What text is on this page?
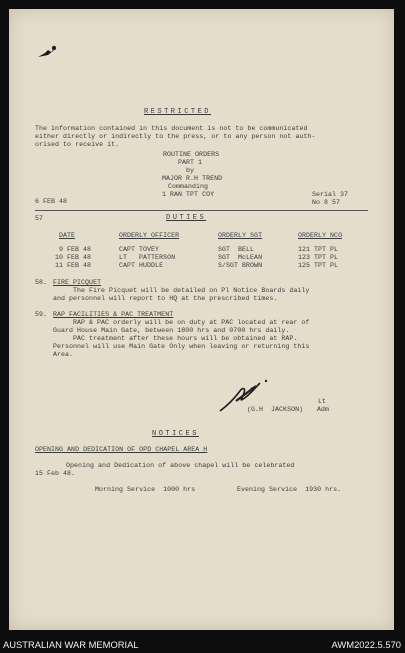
RESTRICTED
The information contained in this document is not to be communicated
either directly or indirectly to the press, or to any person not auth-
orised to receive it.
ROUTINE ORDERS
PART 1
by
MAJOR R.H TREND
Commanding
1 RAN TPT COY
6 FEB 48
Serial 37
No 8 57
57	DUTIES
DATE	ORDERLY OFFICER	ORDERLY SGT	ORDERLY NCO
9 FEB 48	CAPT TOVEY	SGT  BELL	121 TPT PL
10 FEB 48	LT   PATTERSON	SGT  McLEAN	123 TPT PL
11 FEB 48	CAPT HUDDLE	S/SGT BROWN	125 TPT PL
58. FIRE PICQUET
The Fire Picquet will be detailed on Pl Notice Boards daily
and personnel will report to HQ at the prescribed times.
59. RAP FACILITIES & PAC TREATMENT
RAP & PAC orderly will be on duty at PAC located at rear of
Guard House Main Gate, between 1800 hrs and 0700 hrs daily.
PAC treatment after these hours will be obtained at RAP.
Personnel will use Main Gate Only when leaving or returning this
Area.
(G.H  JACKSON)
Lt
Adm
NOTICES
OPENING AND DEDICATION OF OPD CHAPEL AREA H
Opening and Dedication of above chapel will be celebrated
15 Feb 48.
Morning Service  1000 hrs	Evening Service  1930 hrs.
AUSTRALIAN WAR MEMORIAL	AWM2022.5.570
